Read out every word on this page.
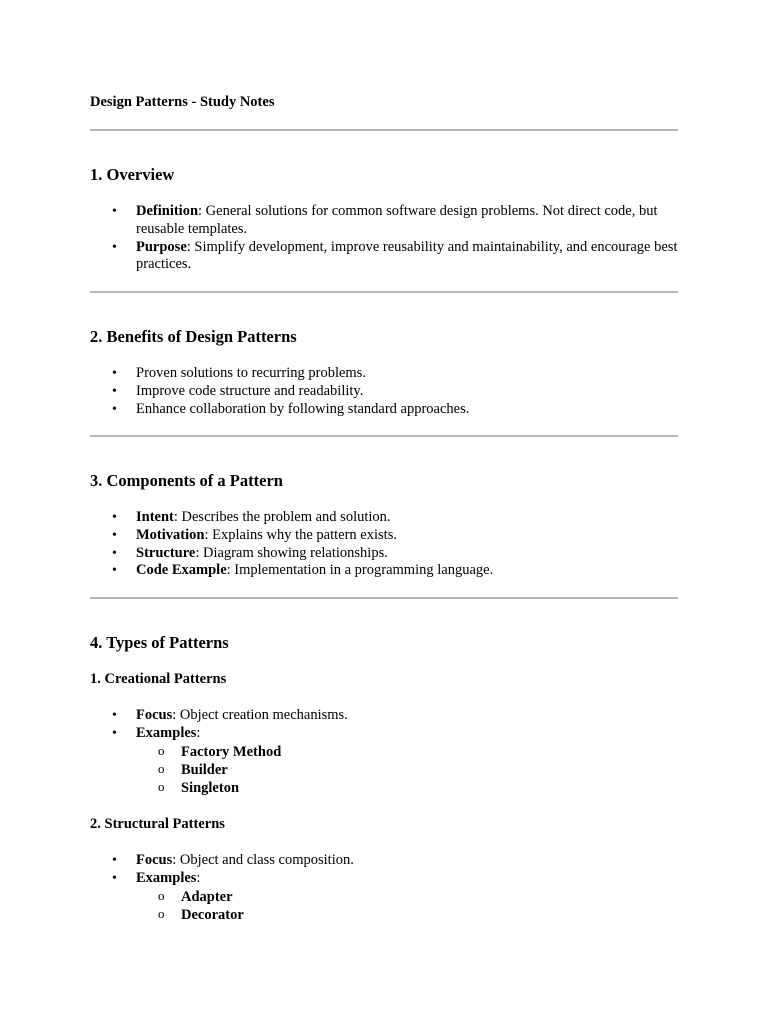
Design Patterns - Study Notes

1. Overview
• Definition: General solutions for common software design problems. Not direct code, but reusable templates.
• Purpose: Simplify development, improve reusability and maintainability, and encourage best practices.
2. Benefits of Design Patterns
• Proven solutions to recurring problems.
• Improve code structure and readability.
• Enhance collaboration by following standard approaches.
3. Components of a Pattern
• Intent: Describes the problem and solution.
• Motivation: Explains why the pattern exists.
• Structure: Diagram showing relationships.
• Code Example: Implementation in a programming language.
4. Types of Patterns
1. Creational Patterns
• Focus: Object creation mechanisms.
• Examples:
o Factory Method
o Builder
o Singleton
2. Structural Patterns
• Focus: Object and class composition.
• Examples:
o Adapter
o Decorator
